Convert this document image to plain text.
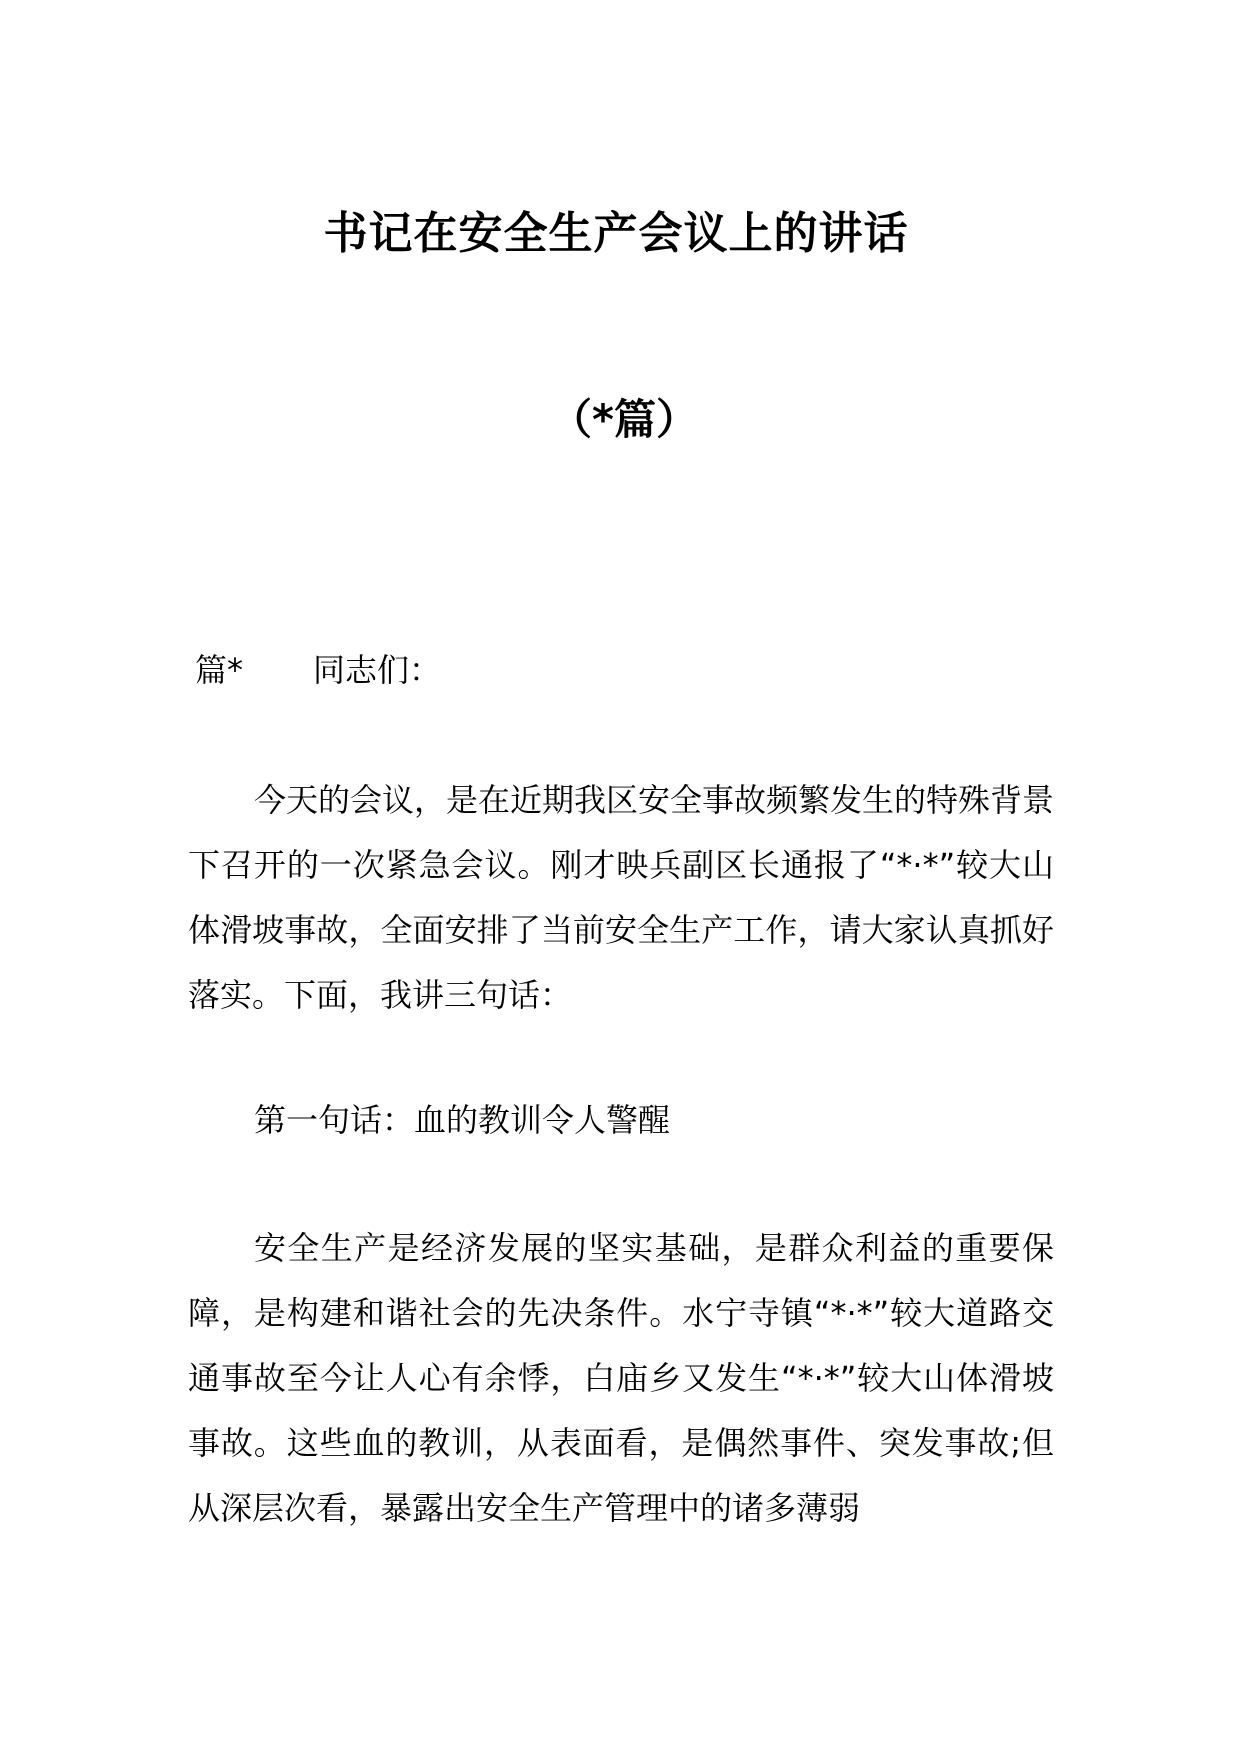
书记在安全生产会议上的讲话
（*篇）

篇* 同志们：

今天的会议，是在近期我区安全事故频繁发生的特殊背景下召开的一次紧急会议。刚才映兵副区长通报了“*·*”较大山体滑坡事故，全面安排了当前安全生产工作，请大家认真抓好落实。下面，我讲三句话：

第一句话：血的教训令人警醒

安全生产是经济发展的坚实基础，是群众利益的重要保障，是构建和谐社会的先决条件。水宁寺镇“*·*”较大道路交通事故至今让人心有余悸，白庙乡又发生“*·*”较大山体滑坡事故。这些血的教训，从表面看，是偶然事件、突发事故;但从深层次看，暴露出安全生产管理中的诸多薄弱
